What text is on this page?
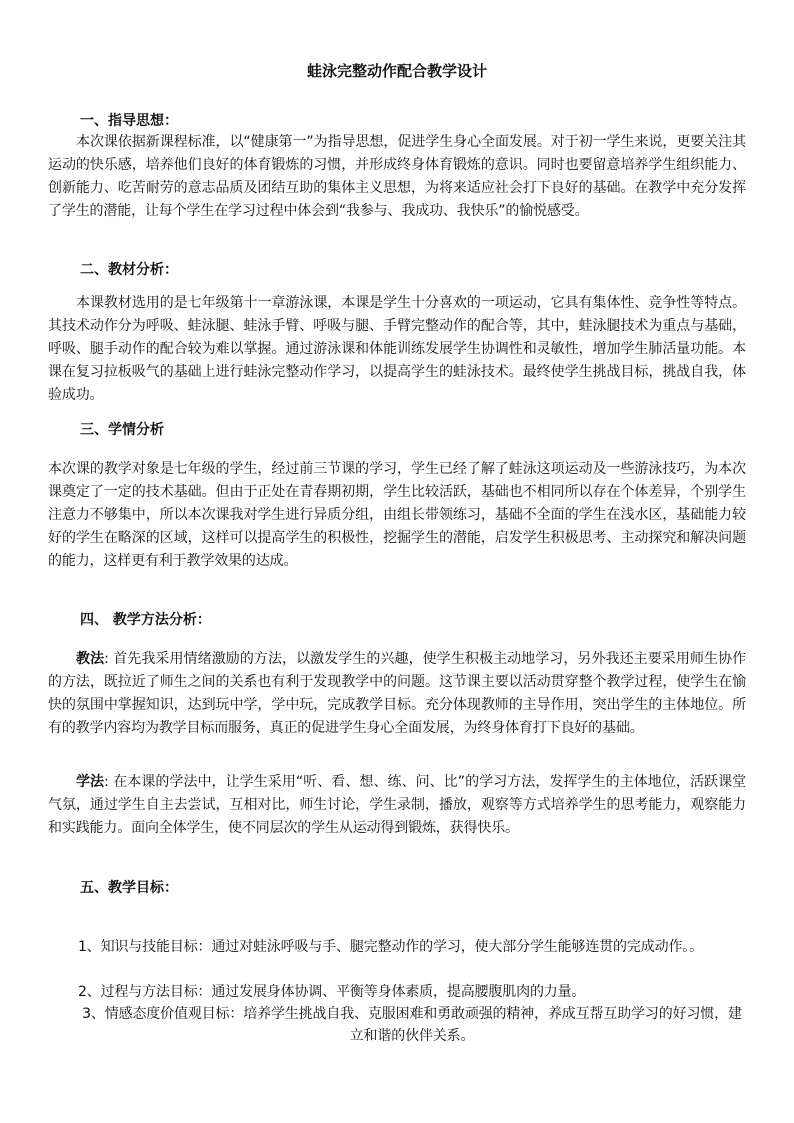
蛙泳完整动作配合教学设计
一、指导思想：

本次课依据新课程标准，以“健康第一”为指导思想，促进学生身心全面发展。对于初一学生来说，更要关注其运动的快乐感，培养他们良好的体育锻炼的习惯，并形成终身体育锻炼的意识。同时也要留意培养学生组织能力、创新能力、吃苦耐劳的意志品质及团结互助的集体主义思想，为将来适应社会打下良好的基础。在教学中充分发挥了学生的潜能，让每个学生在学习过程中体会到“我参与、我成功、我快乐”的愉悦感受。

二、教材分析：

本课教材选用的是七年级第十一章游泳课，本课是学生十分喜欢的一项运动，它具有集体性、竞争性等特点。其技术动作分为呼吸、蛙泳腿、蛙泳手臂、呼吸与腿、手臂完整动作的配合等，其中，蛙泳腿技术为重点与基础，呼吸、腿手动作的配合较为难以掌握。通过游泳课和体能训练发展学生协调性和灵敏性，增加学生肺活量功能。本课在复习拉板吸气的基础上进行蛙泳完整动作学习，以提高学生的蛙泳技术。最终使学生挑战目标，挑战自我，体验成功。

三、学情分析

本次课的教学对象是七年级的学生，经过前三节课的学习，学生已经了解了蛙泳这项运动及一些游泳技巧，为本次课奠定了一定的技术基础。但由于正处在青春期初期，学生比较活跃，基础也不相同所以存在个体差异，个别学生注意力不够集中，所以本次课我对学生进行异质分组，由组长带领练习，基础不全面的学生在浅水区，基础能力较好的学生在略深的区域，这样可以提高学生的积极性，挖掘学生的潜能，启发学生积极思考、主动探究和解决问题的能力，这样更有利于教学效果的达成。

四、 教学方法分析：

教法: 首先我采用情绪激励的方法，以激发学生的兴趣，使学生积极主动地学习，另外我还主要采用师生协作的方法，既拉近了师生之间的关系也有利于发现教学中的问题。这节课主要以活动贯穿整个教学过程，使学生在愉快的氛围中掌握知识，达到玩中学，学中玩，完成教学目标。充分体现教师的主导作用，突出学生的主体地位。所有的教学内容均为教学目标而服务，真正的促进学生身心全面发展，为终身体育打下良好的基础。

学法: 在本课的学法中，让学生采用“听、看、想、练、问、比”的学习方法，发挥学生的主体地位，活跃课堂气氛，通过学生自主去尝试，互相对比，师生讨论，学生录制，播放，观察等方式培养学生的思考能力，观察能力和实践能力。面向全体学生，使不同层次的学生从运动得到锻炼，获得快乐。

五、教学目标：

1、知识与技能目标：通过对蛙泳呼吸与手、腿完整动作的学习，使大部分学生能够连贯的完成动作。。

2、过程与方法目标：通过发展身体协调、平衡等身体素质，提高腰腹肌肉的力量。

3、情感态度价值观目标：培养学生挑战自我、克服困难和勇敢顽强的精神，养成互帮互助学习的好习惯，建立和谐的伙伴关系。
